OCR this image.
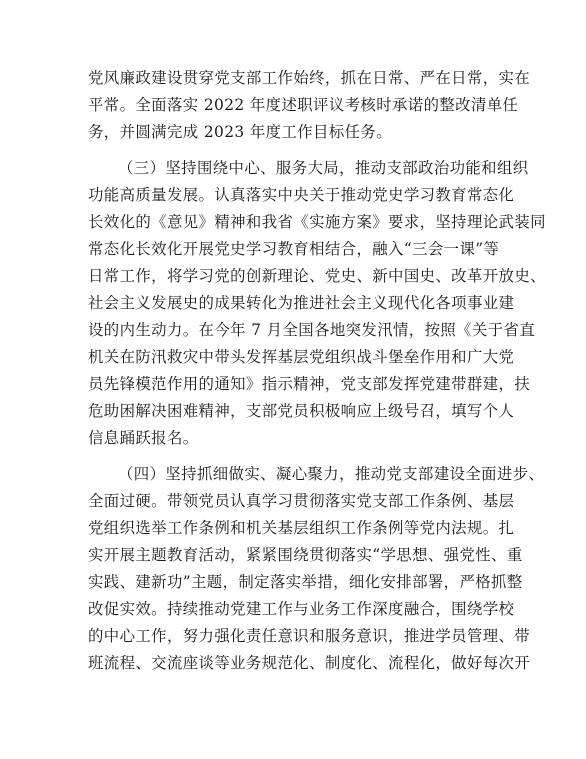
党风廉政建设贯穿党支部工作始终，抓在日常、严在日常，实在
平常。全面落实 2022 年度述职评议考核时承诺的整改清单任
务，并圆满完成 2023 年度工作目标任务。
（三）坚持围绕中心、服务大局，推动支部政治功能和组织
功能高质量发展。认真落实中央关于推动党史学习教育常态化
长效化的《意见》精神和我省《实施方案》要求，坚持理论武装同
常态化长效化开展党史学习教育相结合，融入“三会一课”等
日常工作，将学习党的创新理论、党史、新中国史、改革开放史、
社会主义发展史的成果转化为推进社会主义现代化各项事业建
设的内生动力。在今年 7 月全国各地突发汛情，按照《关于省直
机关在防汛救灾中带头发挥基层党组织战斗堡垒作用和广大党
员先锋模范作用的通知》指示精神，党支部发挥党建带群建，扶
危助困解决困难精神，支部党员积极响应上级号召，填写个人
信息踊跃报名。
（四）坚持抓细做实、凝心聚力，推动党支部建设全面进步、
全面过硬。带领党员认真学习贯彻落实党支部工作条例、基层
党组织选举工作条例和机关基层组织工作条例等党内法规。扎
实开展主题教育活动，紧紧围绕贯彻落实“学思想、强党性、重
实践、建新功”主题，制定落实举措，细化安排部署，严格抓整
改促实效。持续推动党建工作与业务工作深度融合，围绕学校
的中心工作，努力强化责任意识和服务意识，推进学员管理、带
班流程、交流座谈等业务规范化、制度化、流程化，做好每次开
